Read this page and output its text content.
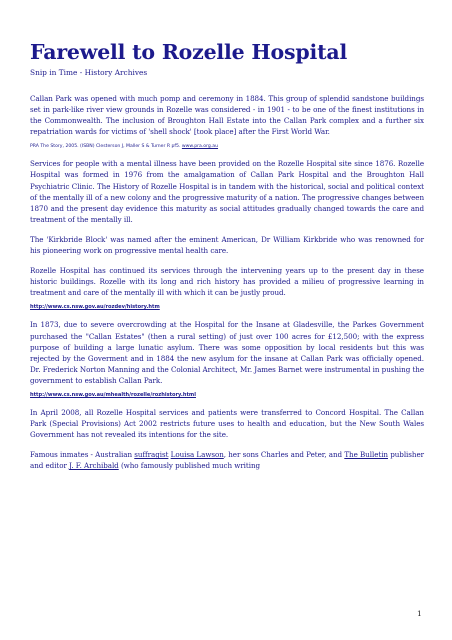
Farewell to Rozelle Hospital

Snip in Time - History Archives

Callan Park was opened with much pomp and ceremony in 1884. This group of splendid sandstone buildings set in park-like river view grounds in Rozelle was considered - in 1901 - to be one of the finest institutions in the Commonwealth. The inclusion of Broughton Hall Estate into the Callan Park complex and a further six repatriation wards for victims of 'shell shock' [took place] after the First World War.

PRA The Story, 2005. (ISBN) Clesterson J, Maller S & Turner R pf5. www.pra.org.au

Services for people with a mental illness have been provided on the Rozelle Hospital site since 1876. Rozelle Hospital was formed in 1976 from the amalgamation of Callan Park Hospital and the Broughton Hall Psychiatric Clinic. The History of Rozelle Hospital is in tandem with the historical, social and political context of the mentally ill of a new colony and the progressive maturity of a nation. The progressive changes between 1870 and the present day evidence this maturity as social attitudes gradually changed towards the care and treatment of the mentally ill.

The 'Kirkbride Block' was named after the eminent American, Dr William Kirkbride who was renowned for his pioneering work on progressive mental health care.

Rozelle Hospital has continued its services through the intervening years up to the present day in these historic buildings. Rozelle with its long and rich history has provided a milieu of progressive learning in treatment and care of the mentally ill with which it can be justly proud.

http://www.cs.nsw.gov.au/rozdev/history.htm

In 1873, due to severe overcrowding at the Hospital for the Insane at Gladesville, the Parkes Government purchased the "Callan Estates" (then a rural setting) of just over 100 acres for £12,500; with the express purpose of building a large lunatic asylum. There was some opposition by local residents but this was rejected by the Goverment and in 1884 the new asylum for the insane at Callan Park was officially opened. Dr. Frederick Norton Manning and the Colonial Architect, Mr. James Barnet were instrumental in pushing the government to establish Callan Park.

http://www.cs.nsw.gov.au/mhealth/rozelle/rozhistory.html

In April 2008, all Rozelle Hospital services and patients were transferred to Concord Hospital. The Callan Park (Special Provisions) Act 2002 restricts future uses to health and education, but the New South Wales Government has not revealed its intentions for the site.

Famous inmates - Australian suffragist Louisa Lawson, her sons Charles and Peter, and The Bulletin publisher and editor J. F. Archibald (who famously published much writing

1
